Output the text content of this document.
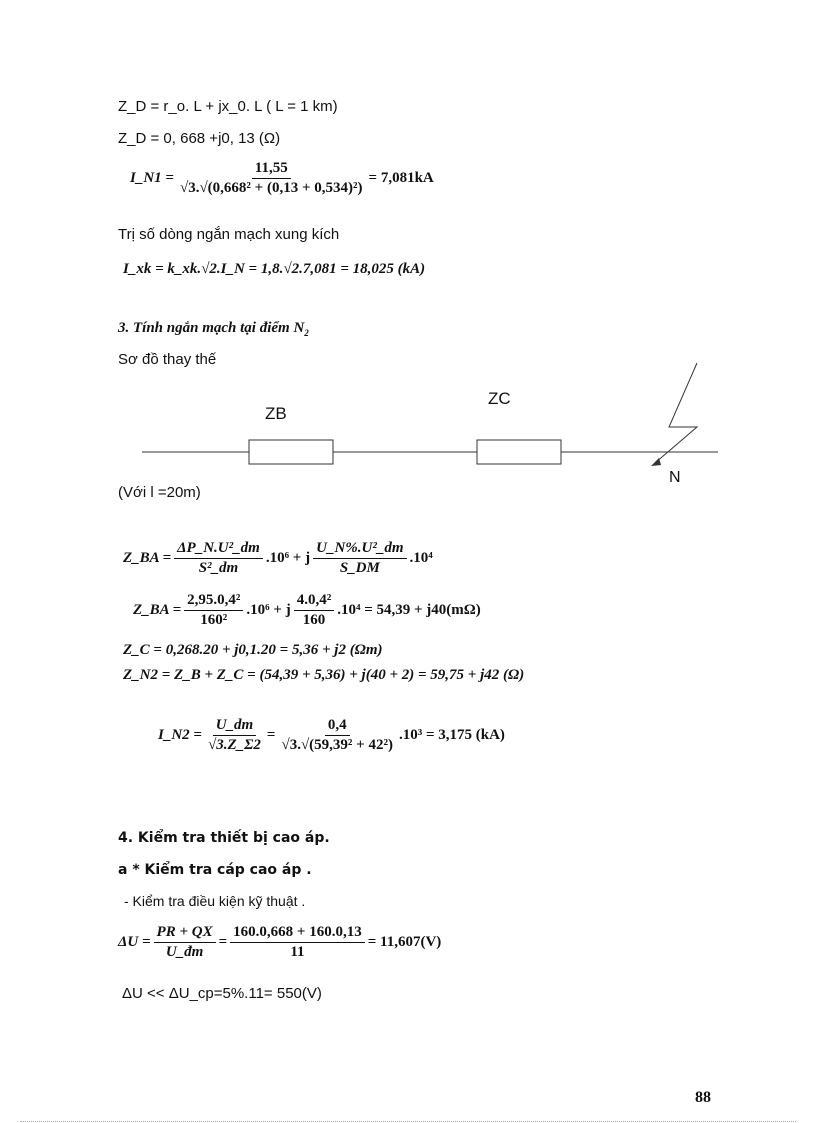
Z_D = r_o. L + jx_0. L ( L = 1 km)
Z_D = 0, 668 +j0, 13 (Ω)
I_N1 = $\frac{11,55}{\text{√3.√(0,668² + (0,13 + 0,534)²)}} = 7,081kA$
Trị số dòng ngắn mạch xung kích
I_xk = k_xk.√2.I_N = 1,8.√2.7,081 = 18,025 (kA)
3. Tính ngắn mạch tại điểm $N_2$
Sơ đồ thay thế
ZB
ZC
N
(Với l =20m)
Z_BA = $\frac{\text{ΔP\_N.U²\_dm}}{\text{S²\_dm}} .10^6 + j \frac{\text{U\_N\%.U²\_dm}}{S\_DM} .10^4$
Z_BA = $\frac{\text{2,95.0,4²}}{\text{160²}} .10^6 + j \frac{\text{4.0,4²}}{160} .10^4 = 54,39 + j40(m\Omega)$
Z_C = 0,268.20 + j0,1.20 = 5,36 + j2 (Ωm)
Z_N2 = Z_B + Z_C = (54,39 + 5,36) + j(40 + 2) = 59,75 + j42 (Ω)
I_N2 = $\frac{U\_dm}{√3.Z\_\Sigma 2} = \frac{0,4}{\text{√3.√(59,39² + 42²)}} .10^3 = 3,175$ (kA)
4. Kiểm tra thiết bị cao áp.
a * Kiểm tra cáp cao áp .
- Kiểm tra điều kiện kỹ thuật .
$\Delta U = \frac{PR + QX}{U\_đm} = \frac{160.0,668 + 160.0,13}{11} = 11,607(V)$
ΔU << ΔU_cp=5%.11= 550(V)
88
